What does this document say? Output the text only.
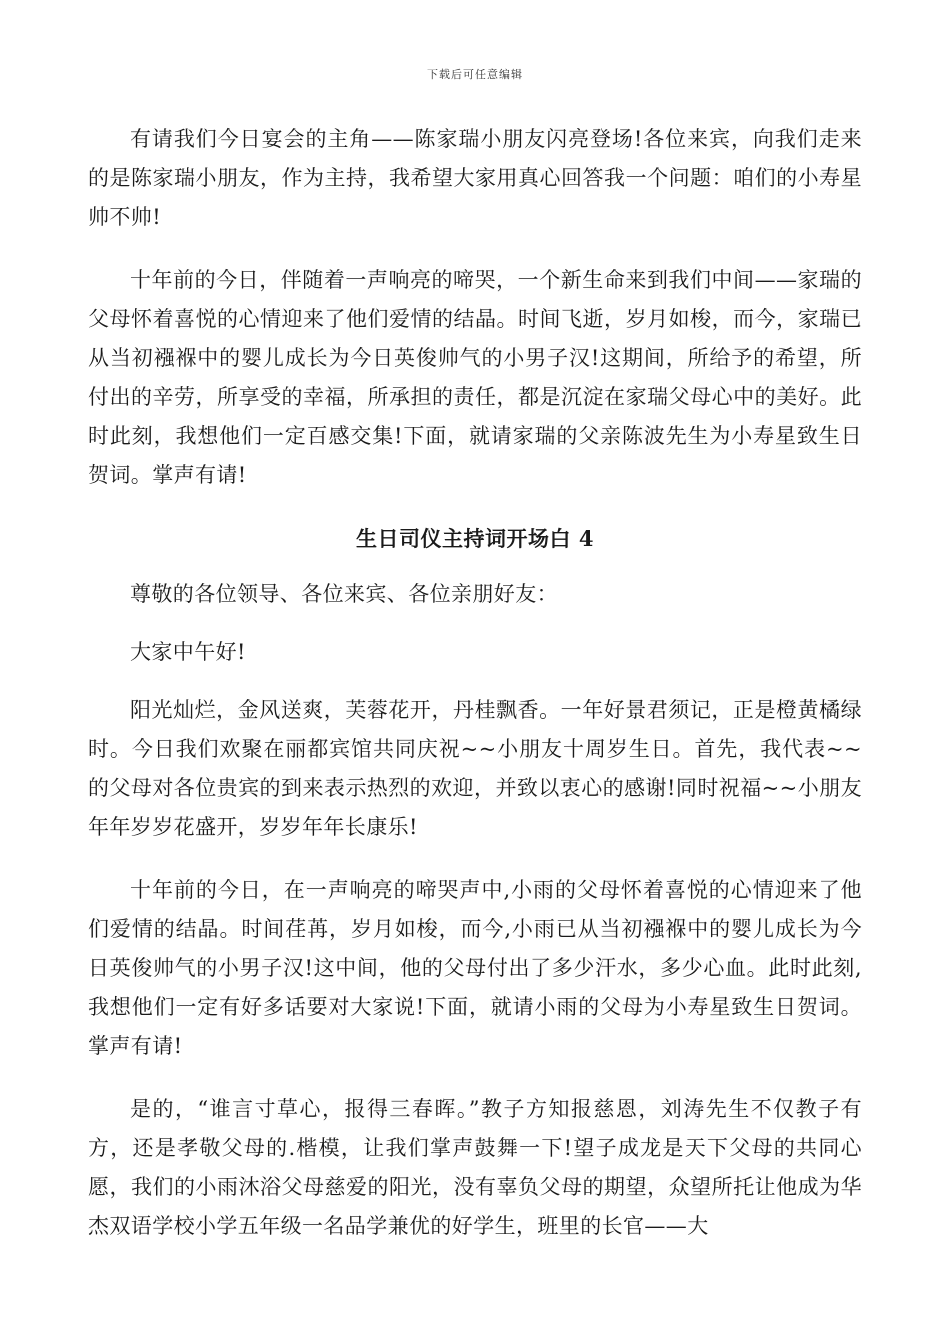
下载后可任意编辑

有请我们今日宴会的主角——陈家瑞小朋友闪亮登场!各位来宾，向我们走来的是陈家瑞小朋友，作为主持，我希望大家用真心回答我一个问题：咱们的小寿星帅不帅!

十年前的今日，伴随着一声响亮的啼哭，一个新生命来到我们中间——家瑞的父母怀着喜悦的心情迎来了他们爱情的结晶。时间飞逝，岁月如梭，而今，家瑞已从当初襁褓中的婴儿成长为今日英俊帅气的小男子汉!这期间，所给予的希望，所付出的辛劳，所享受的幸福，所承担的责任，都是沉淀在家瑞父母心中的美好。此时此刻，我想他们一定百感交集!下面，就请家瑞的父亲陈波先生为小寿星致生日贺词。掌声有请!

生日司仪主持词开场白 4

尊敬的各位领导、各位来宾、各位亲朋好友：

大家中午好!

阳光灿烂，金风送爽，芙蓉花开，丹桂飘香。一年好景君须记，正是橙黄橘绿时。今日我们欢聚在丽都宾馆共同庆祝~~小朋友十周岁生日。首先，我代表~~的父母对各位贵宾的到来表示热烈的欢迎，并致以衷心的感谢!同时祝福~~小朋友年年岁岁花盛开，岁岁年年长康乐!

十年前的今日，在一声响亮的啼哭声中,小雨的父母怀着喜悦的心情迎来了他们爱情的结晶。时间荏苒，岁月如梭，而今,小雨已从当初襁褓中的婴儿成长为今日英俊帅气的小男子汉!这中间，他的父母付出了多少汗水，多少心血。此时此刻,我想他们一定有好多话要对大家说!下面，就请小雨的父母为小寿星致生日贺词。掌声有请!

是的，“谁言寸草心，报得三春晖。”教子方知报慈恩，刘涛先生不仅教子有方，还是孝敬父母的.楷模，让我们掌声鼓舞一下!望子成龙是天下父母的共同心愿，我们的小雨沐浴父母慈爱的阳光，没有辜负父母的期望，众望所托让他成为华杰双语学校小学五年级一名品学兼优的好学生，班里的长官——大
